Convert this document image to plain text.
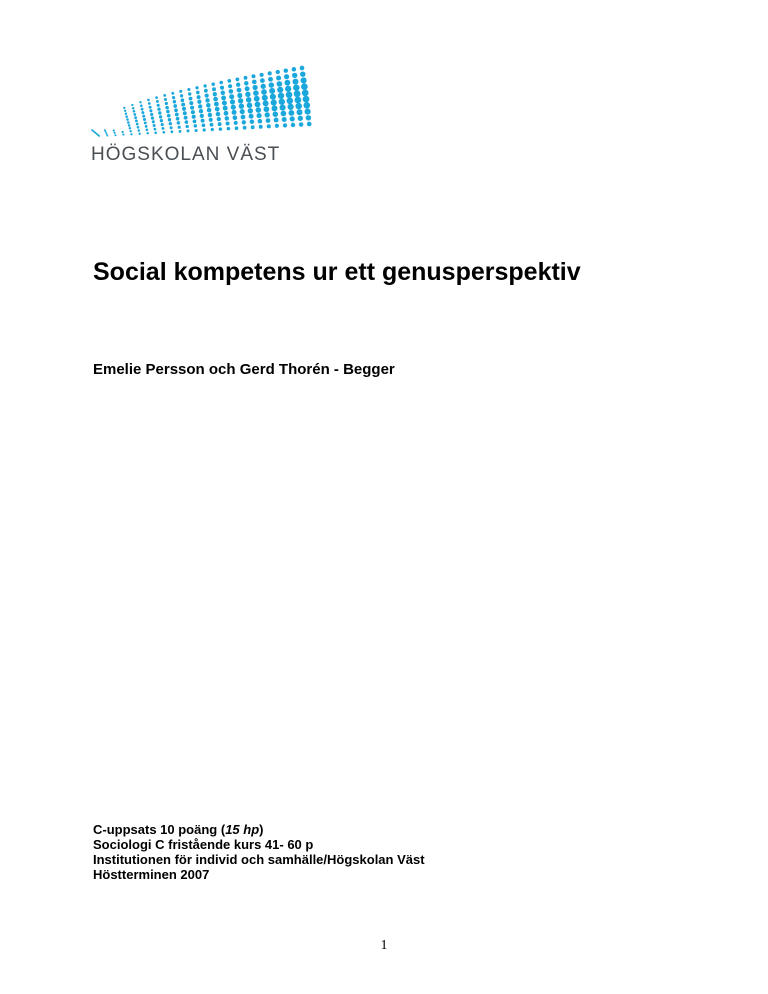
HÖGSKOLAN VÄST
Social kompetens ur ett genusperspektiv

Emelie Persson och Gerd Thorén - Begger

C-uppsats 10 poäng (15 hp)
Sociologi C fristående kurs 41- 60 p
Institutionen för individ och samhälle/Högskolan Väst
Höstterminen 2007
1
